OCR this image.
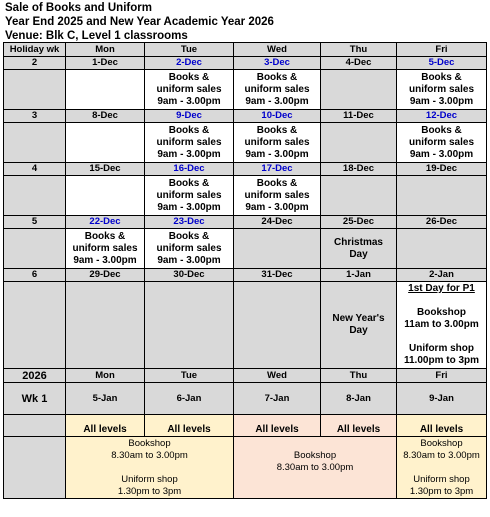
Sale of Books and Uniform
Year End 2025 and New Year Academic Year 2026
Venue: Blk C, Level 1 classrooms
Holiday wk	Mon	Tue	Wed	Thu	Fri
2	1-Dec	2-Dec	3-Dec	4-Dec	5-Dec

		Books &
uniform sales
9am - 3.00pm	Books &
uniform sales
9am - 3.00pm		Books &
uniform sales
9am - 3.00pm

3	8-Dec	9-Dec	10-Dec	11-Dec	12-Dec

		Books &
uniform sales
9am - 3.00pm	Books &
uniform sales
9am - 3.00pm		Books &
uniform sales
9am - 3.00pm

4	15-Dec	16-Dec	17-Dec	18-Dec	19-Dec

		Books &
uniform sales
9am - 3.00pm	Books &
uniform sales
9am - 3.00pm		

5	22-Dec	23-Dec	24-Dec	25-Dec	26-Dec

	Books &
uniform sales
9am - 3.00pm	Books &
uniform sales
9am - 3.00pm		Christmas
Day	

6	29-Dec	30-Dec	31-Dec	1-Jan	2-Jan

				New Year's
Day	1st Day for P1
Bookshop
11am to 3.00pm
Uniform shop
11.00pm to 3pm

2026	Mon	Tue	Wed	Thu	Fri
Wk 1	5-Jan	6-Jan	7-Jan	8-Jan	9-Jan
	All levels	All levels	All levels	All levels	All levels

	Bookshop
8.30am to 3.00pm
Uniform shop
1.30pm to 3pm		Bookshop
8.30am to 3.00pm		Bookshop
8.30am to 3.00pm
Uniform shop
1.30pm to 3pm
